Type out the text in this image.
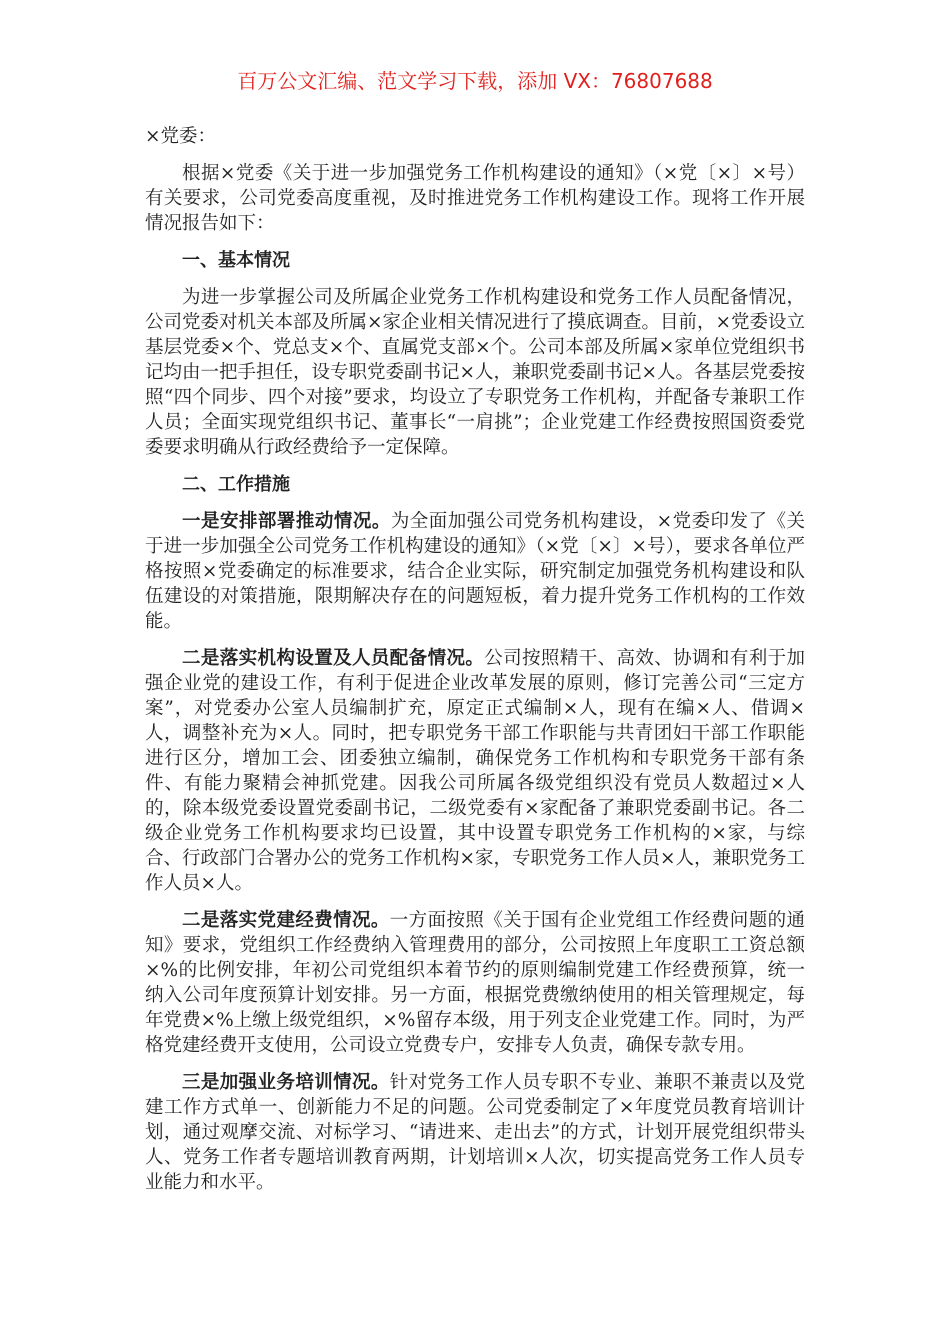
百万公文汇编、范文学习下载，添加 VX：76807688

×党委：

根据×党委《关于进一步加强党务工作机构建设的通知》（×党〔×〕×号）有关要求，公司党委高度重视，及时推进党务工作机构建设工作。现将工作开展情况报告如下：

一、基本情况

为进一步掌握公司及所属企业党务工作机构建设和党务工作人员配备情况，公司党委对机关本部及所属×家企业相关情况进行了摸底调查。目前，×党委设立基层党委×个、党总支×个、直属党支部×个。公司本部及所属×家单位党组织书记均由一把手担任，设专职党委副书记×人，兼职党委副书记×人。各基层党委按照“四个同步、四个对接”要求，均设立了专职党务工作机构，并配备专兼职工作人员；全面实现党组织书记、董事长“一肩挑”；企业党建工作经费按照国资委党委要求明确从行政经费给予一定保障。

二、工作措施

一是安排部署推动情况。为全面加强公司党务机构建设，×党委印发了《关于进一步加强全公司党务工作机构建设的通知》（×党〔×〕×号），要求各单位严格按照×党委确定的标准要求，结合企业实际，研究制定加强党务机构建设和队伍建设的对策措施，限期解决存在的问题短板，着力提升党务工作机构的工作效能。

二是落实机构设置及人员配备情况。公司按照精干、高效、协调和有利于加强企业党的建设工作，有利于促进企业改革发展的原则，修订完善公司“三定方案”，对党委办公室人员编制扩充，原定正式编制×人，现有在编×人、借调×人，调整补充为×人。同时，把专职党务干部工作职能与共青团妇干部工作职能进行区分，增加工会、团委独立编制，确保党务工作机构和专职党务干部有条件、有能力聚精会神抓党建。因我公司所属各级党组织没有党员人数超过×人的，除本级党委设置党委副书记，二级党委有×家配备了兼职党委副书记。各二级企业党务工作机构要求均已设置，其中设置专职党务工作机构的×家，与综合、行政部门合署办公的党务工作机构×家，专职党务工作人员×人，兼职党务工作人员×人。

二是落实党建经费情况。一方面按照《关于国有企业党组工作经费问题的通知》要求，党组织工作经费纳入管理费用的部分，公司按照上年度职工工资总额×%的比例安排，年初公司党组织本着节约的原则编制党建工作经费预算，统一纳入公司年度预算计划安排。另一方面，根据党费缴纳使用的相关管理规定，每年党费×%上缴上级党组织，×%留存本级，用于列支企业党建工作。同时，为严格党建经费开支使用，公司设立党费专户，安排专人负责，确保专款专用。

三是加强业务培训情况。针对党务工作人员专职不专业、兼职不兼责以及党建工作方式单一、创新能力不足的问题。公司党委制定了×年度党员教育培训计划，通过观摩交流、对标学习、“请进来、走出去”的方式，计划开展党组织带头人、党务工作者专题培训教育两期，计划培训×人次，切实提高党务工作人员专业能力和水平。
